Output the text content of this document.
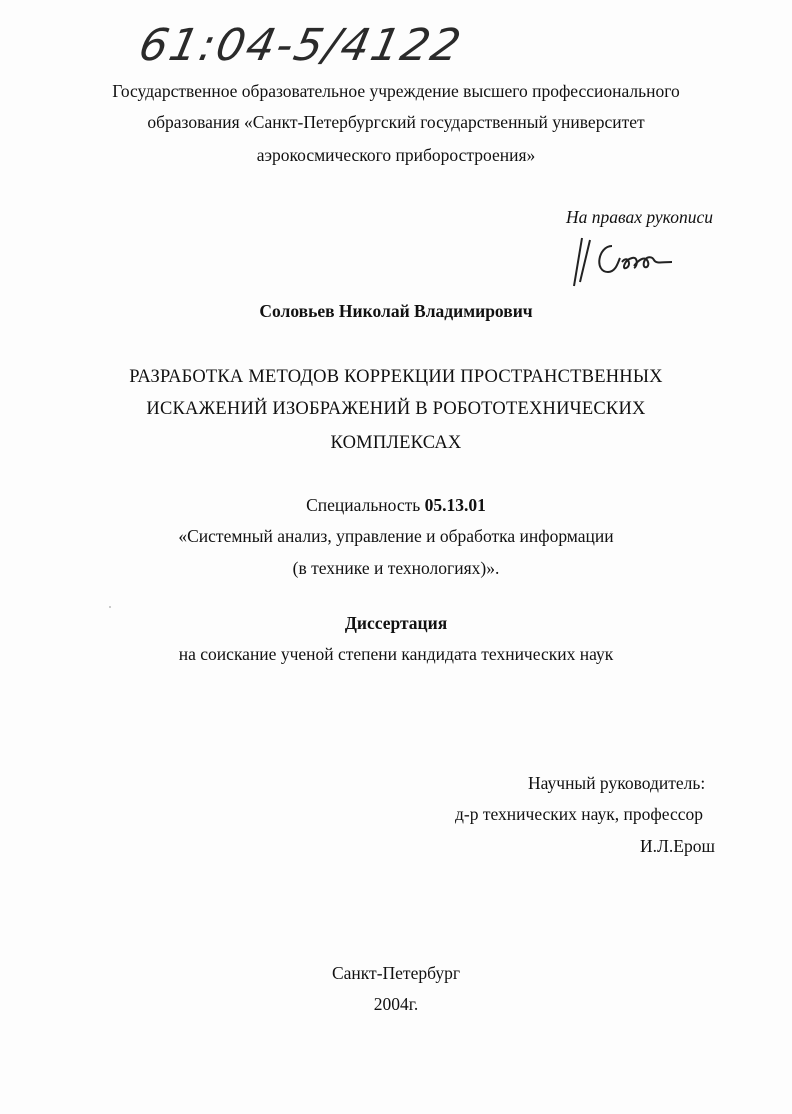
61:04-5/4122
Государственное образовательное учреждение высшего профессионального
образования «Санкт-Петербургский государственный университет
аэрокосмического приборостроения»
На правах рукописи
Соловьев Николай Владимирович
РАЗРАБОТКА МЕТОДОВ КОРРЕКЦИИ ПРОСТРАНСТВЕННЫХ
ИСКАЖЕНИЙ ИЗОБРАЖЕНИЙ В РОБОТОТЕХНИЧЕСКИХ
КОМПЛЕКСАХ
Специальность 05.13.01
«Системный анализ, управление и обработка информации
(в технике и технологиях)».
Диссертация
на соискание ученой степени кандидата технических наук
Научный руководитель:
д-р технических наук, профессор
И.Л.Ерош
Санкт-Петербург
2004г.
